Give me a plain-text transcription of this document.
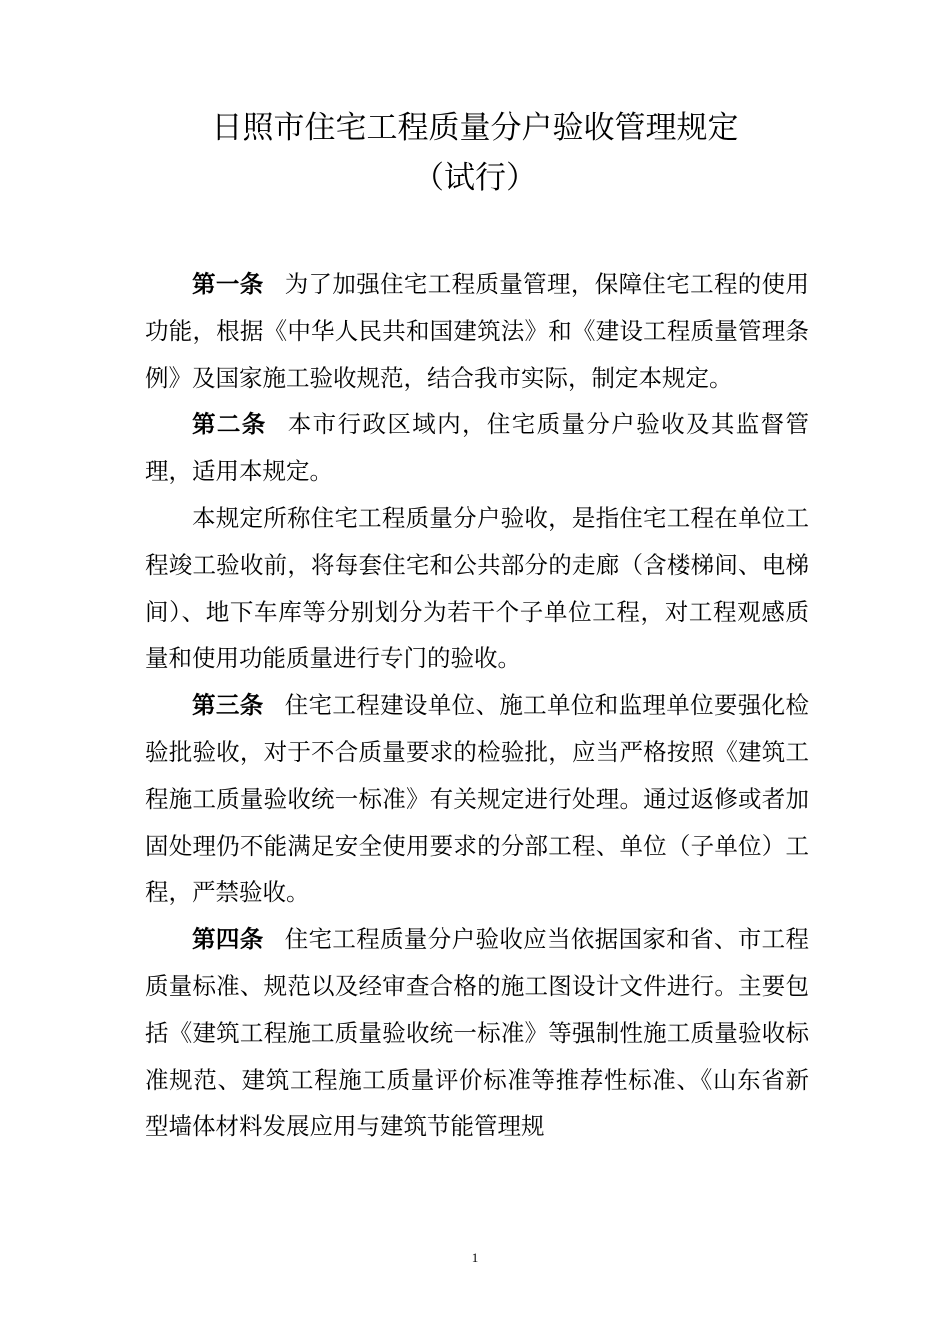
日照市住宅工程质量分户验收管理规定
（试行）

第一条 为了加强住宅工程质量管理，保障住宅工程的使用功能，根据《中华人民共和国建筑法》和《建设工程质量管理条例》及国家施工验收规范，结合我市实际，制定本规定。

第二条 本市行政区域内，住宅质量分户验收及其监督管理，适用本规定。

本规定所称住宅工程质量分户验收，是指住宅工程在单位工程竣工验收前，将每套住宅和公共部分的走廊（含楼梯间、电梯间）、地下车库等分别划分为若干个子单位工程，对工程观感质量和使用功能质量进行专门的验收。

第三条 住宅工程建设单位、施工单位和监理单位要强化检验批验收，对于不合质量要求的检验批，应当严格按照《建筑工程施工质量验收统一标准》有关规定进行处理。通过返修或者加固处理仍不能满足安全使用要求的分部工程、单位（子单位）工程，严禁验收。

第四条 住宅工程质量分户验收应当依据国家和省、市工程质量标准、规范以及经审查合格的施工图设计文件进行。主要包括《建筑工程施工质量验收统一标准》等强制性施工质量验收标准规范、建筑工程施工质量评价标准等推荐性标准、《山东省新型墙体材料发展应用与建筑节能管理规

1
